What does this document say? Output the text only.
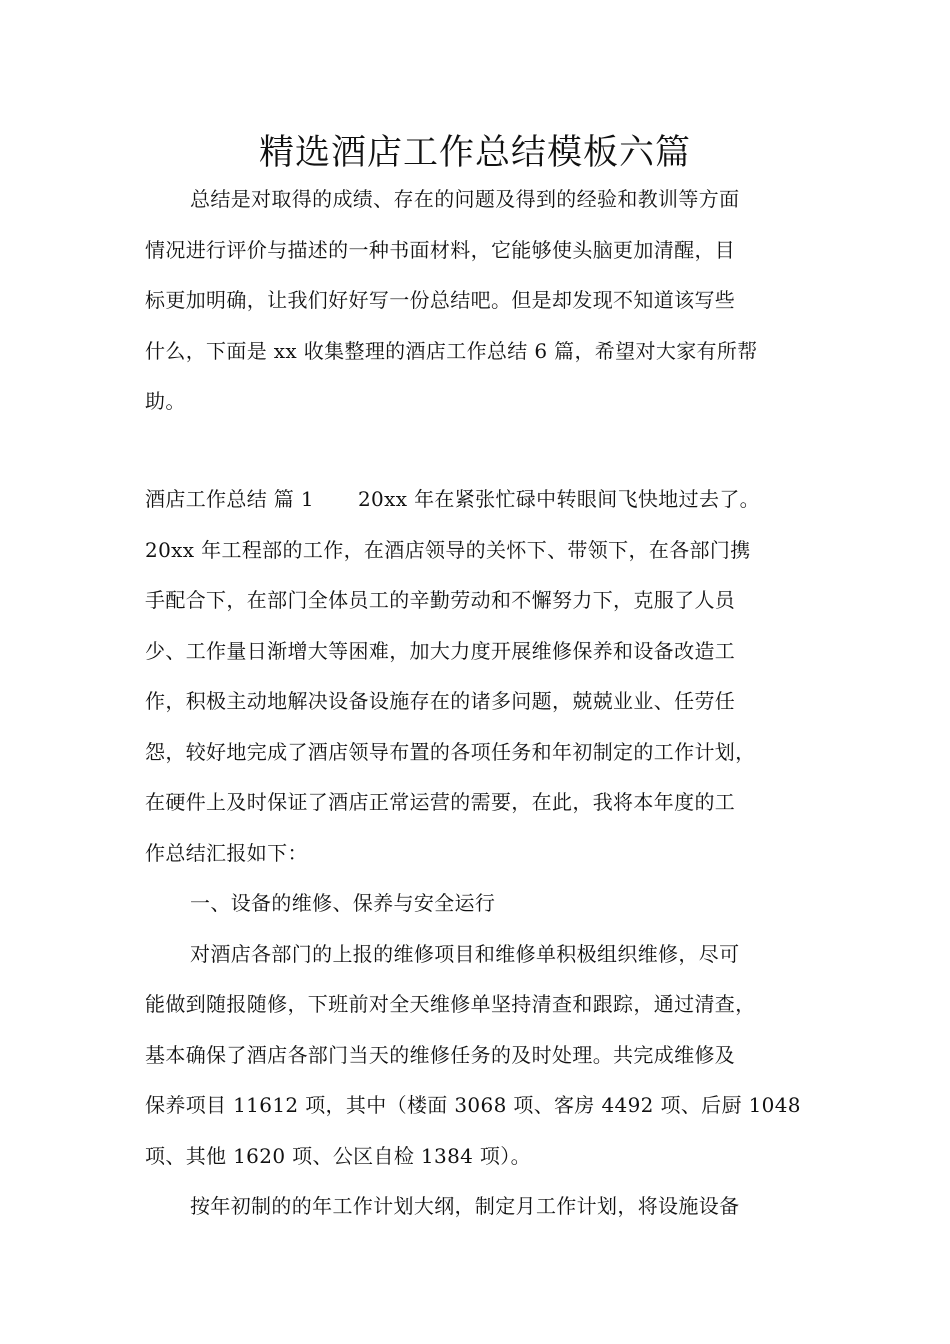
精选酒店工作总结模板六篇
总结是对取得的成绩、存在的问题及得到的经验和教训等方面
情况进行评价与描述的一种书面材料，它能够使头脑更加清醒，目
标更加明确，让我们好好写一份总结吧。但是却发现不知道该写些
什么，下面是 xx 收集整理的酒店工作总结 6 篇，希望对大家有所帮
助。
酒店工作总结 篇 1 20xx 年在紧张忙碌中转眼间飞快地过去了。
20xx 年工程部的工作，在酒店领导的关怀下、带领下，在各部门携
手配合下，在部门全体员工的辛勤劳动和不懈努力下，克服了人员
少、工作量日渐增大等困难，加大力度开展维修保养和设备改造工
作，积极主动地解决设备设施存在的诸多问题，兢兢业业、任劳任
怨，较好地完成了酒店领导布置的各项任务和年初制定的工作计划，
在硬件上及时保证了酒店正常运营的需要，在此，我将本年度的工
作总结汇报如下：
一、设备的维修、保养与安全运行
对酒店各部门的上报的维修项目和维修单积极组织维修，尽可
能做到随报随修，下班前对全天维修单坚持清查和跟踪，通过清查，
基本确保了酒店各部门当天的维修任务的及时处理。共完成维修及
保养项目 11612 项，其中（楼面 3068 项、客房 4492 项、后厨 1048
项、其他 1620 项、公区自检 1384 项）。
按年初制的的年工作计划大纲，制定月工作计划，将设施设备
